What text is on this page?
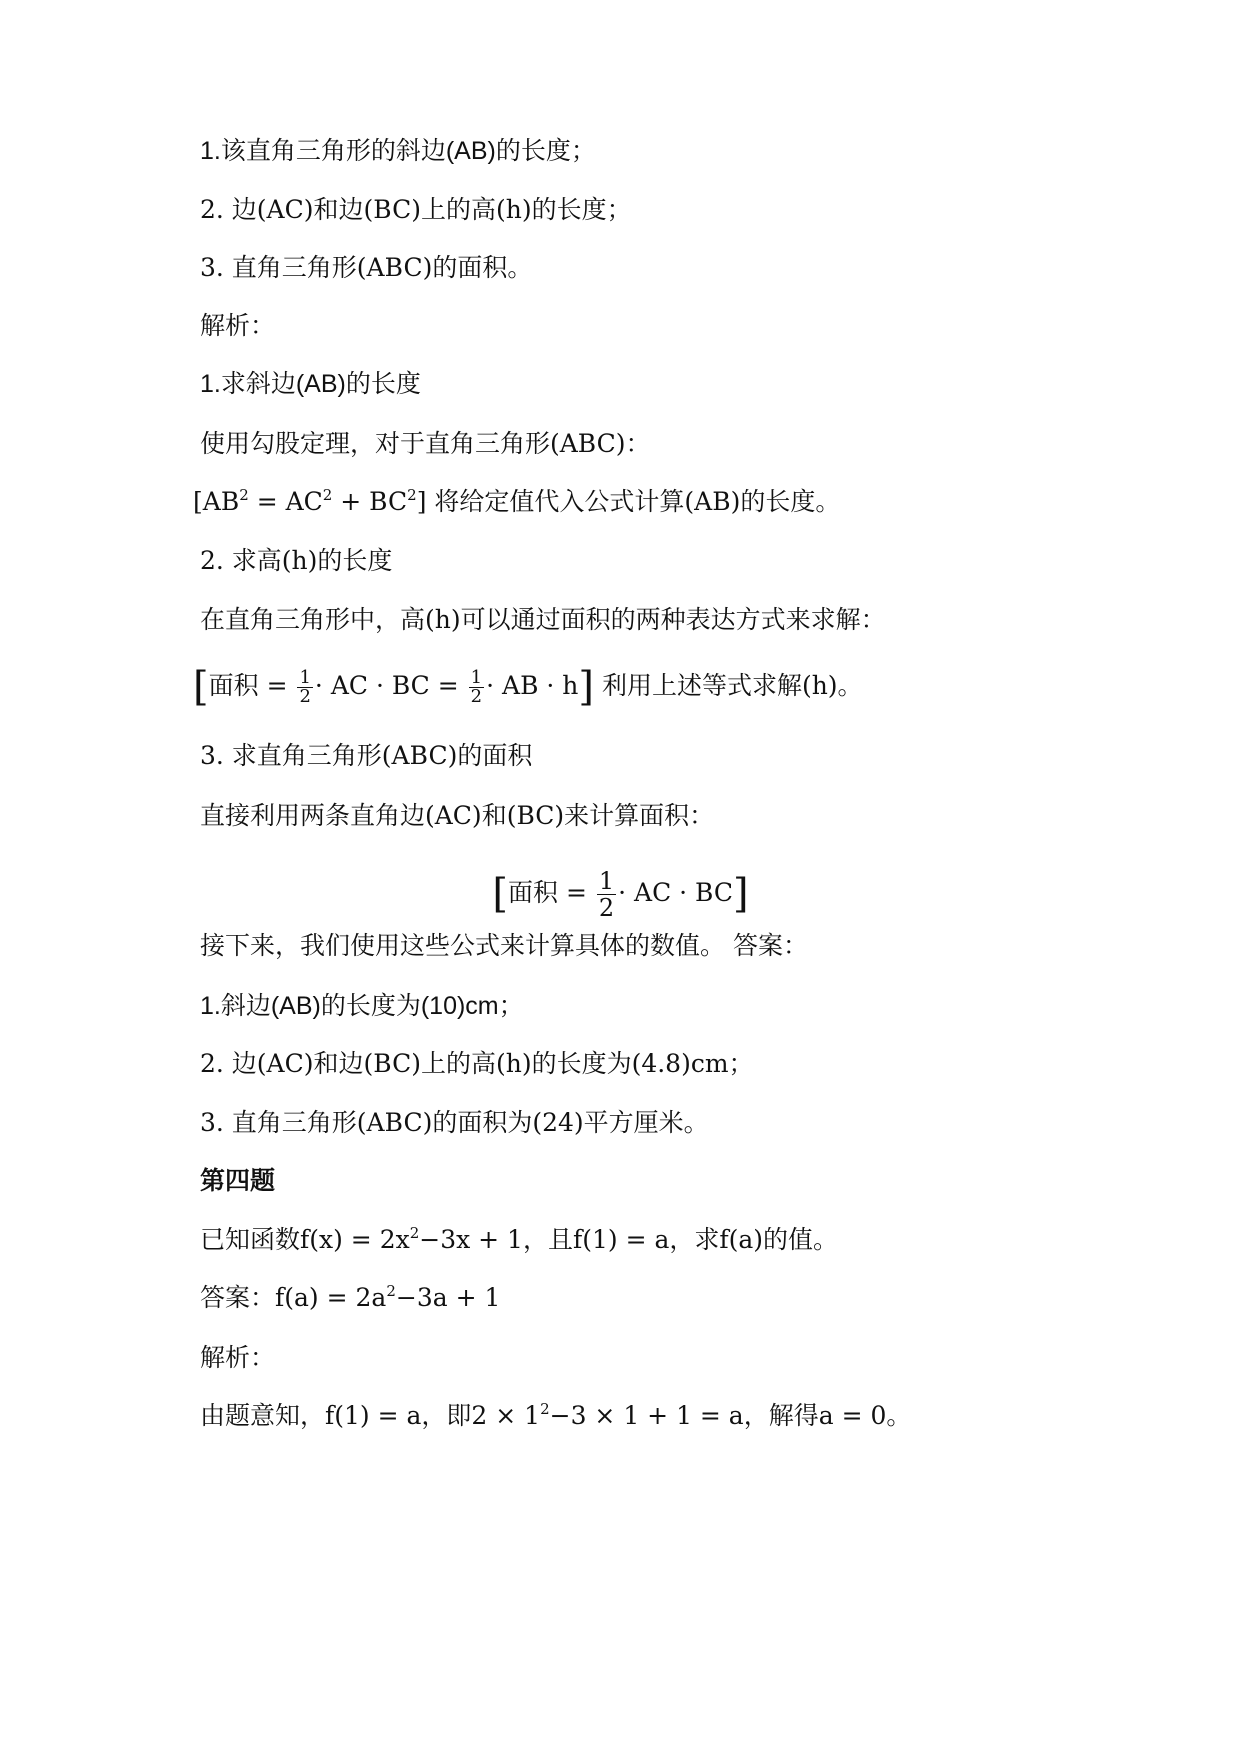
1.该直角三角形的斜边(AB)的长度；
2. 边(AC)和边(BC)上的高(h)的长度；
3. 直角三角形(ABC)的面积。
解析：
1.求斜边(AB)的长度
使用勾股定理，对于直角三角形(ABC)：
$[AB^2 = AC^2 + BC^2]$ 将给定值代入公式计算(AB)的长度。
2. 求高(h)的长度
在直角三角形中，高(h)可以通过面积的两种表达方式来求解：
[面积 = $\frac{1}{2}$ · AC · BC = $\frac{1}{2}$ · AB · h] 利用上述等式求解(h)。
3. 求直角三角形(ABC)的面积
直接利用两条直角边(AC)和(BC)来计算面积：
[面积 = $\frac{1}{2}$ · AC · BC]
接下来，我们使用这些公式来计算具体的数值。 答案：
1.斜边(AB)的长度为(10)cm；
2. 边(AC)和边(BC)上的高(h)的长度为(4.8)cm；
3. 直角三角形(ABC)的面积为(24)平方厘米。
第四题
已知函数$f(x) = 2x^2-3x + 1$，且f(1) = a，求f(a)的值。
答案：$f(a) = 2a^2-3a + 1$
解析：
由题意知，f(1) = a，即$2 \times 1^2-3 \times 1 + 1 = a$，解得a = 0。
